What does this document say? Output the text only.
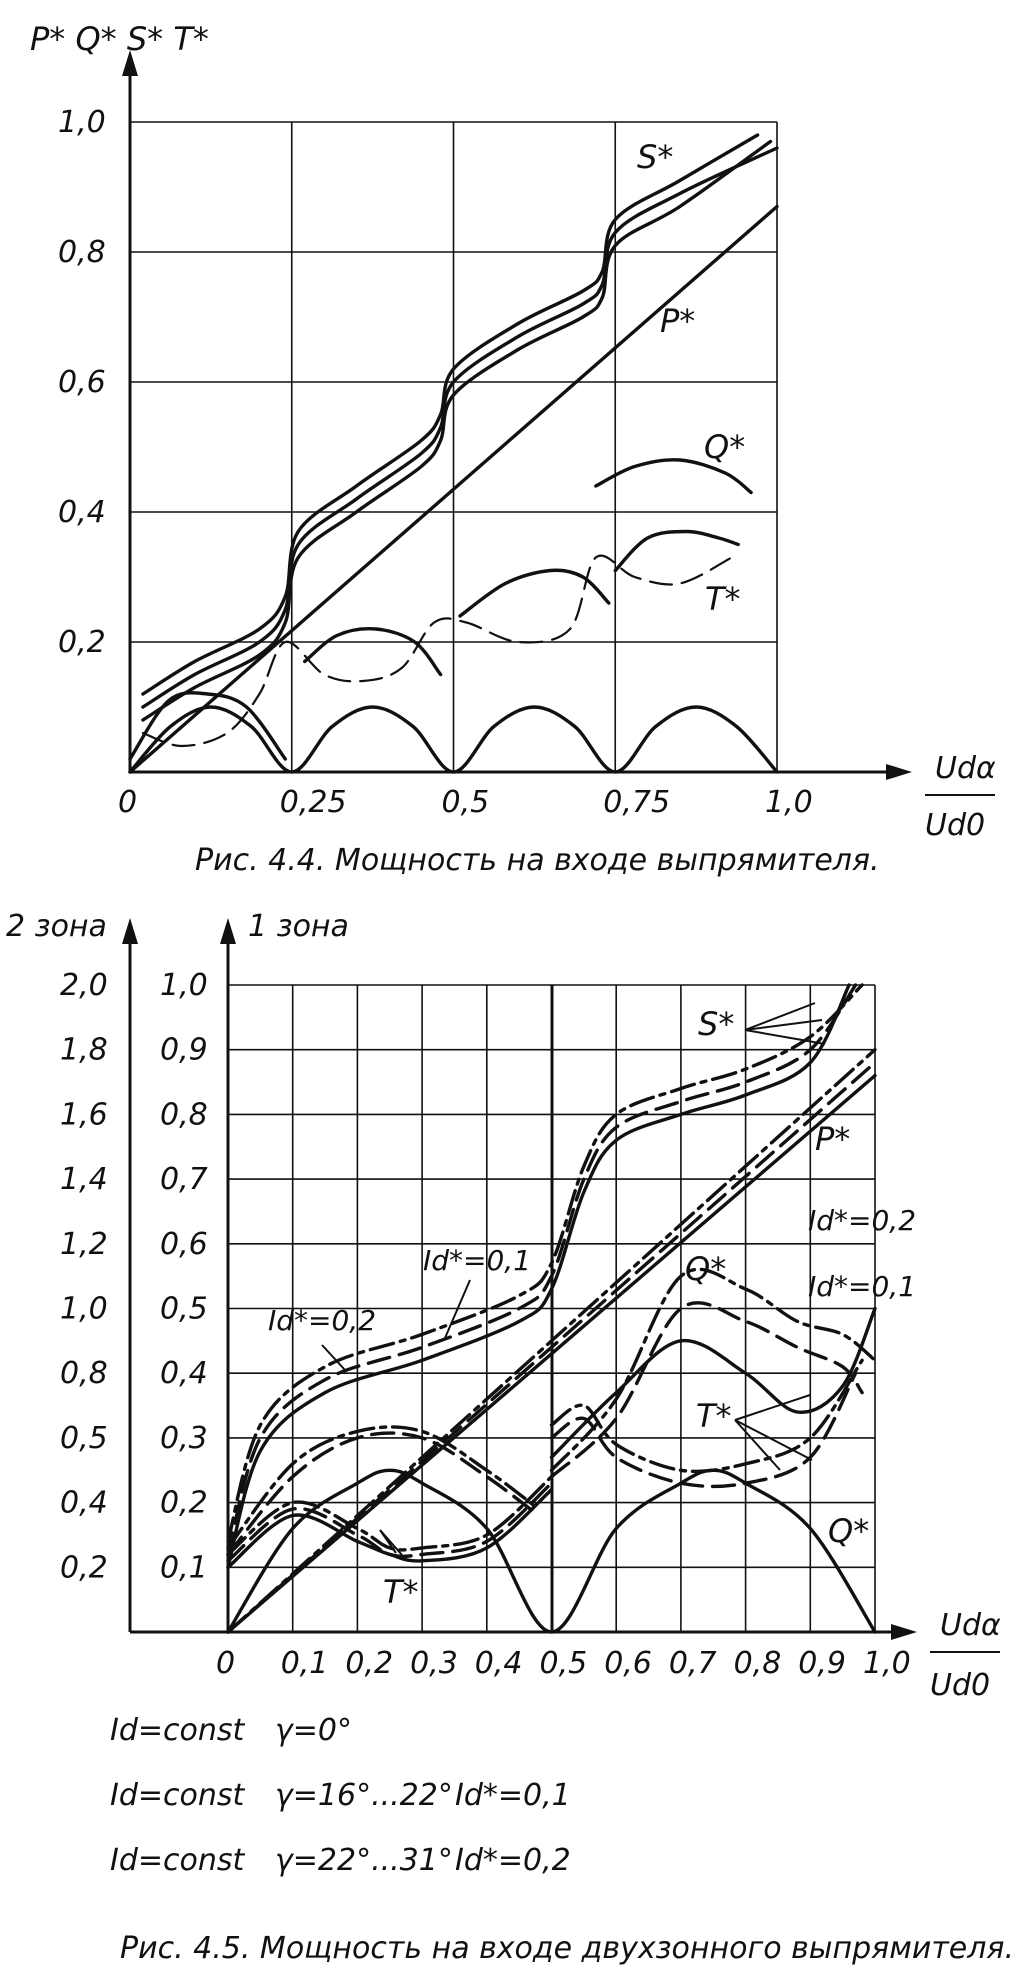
0	0,25	0,5	0,75	1,0
0,2
0,4
0,6
0,8
1,0
P* Q* S* T*
Udα
Ud0
S*
P*
Q*
T*
Рис. 4.4. Мощность на входе выпрямителя.
0 0,1 0,2 0,3 0,4 0,5 0,6 0,7 0,8 0,9 1,0
0,1
0,2
0,3
0,4
0,5
0,6
0,7
0,8
0,9
1,0
0,2
0,4
0,5
0,8
1,0
1,2
1,4
1,6
1,8
2,0
2 зона	1 зона
Udα
Ud0
S*
P*
Q*
Q*
T*
T*
Id*=0,2
Id*=0,1
Id*=0,2
Id*=0,1
Id=const γ=0°
Id=const γ=16°...22° Id*=0,1
Id=const γ=22°...31° Id*=0,2
Рис. 4.5. Мощность на входе двухзонного выпрямителя.
